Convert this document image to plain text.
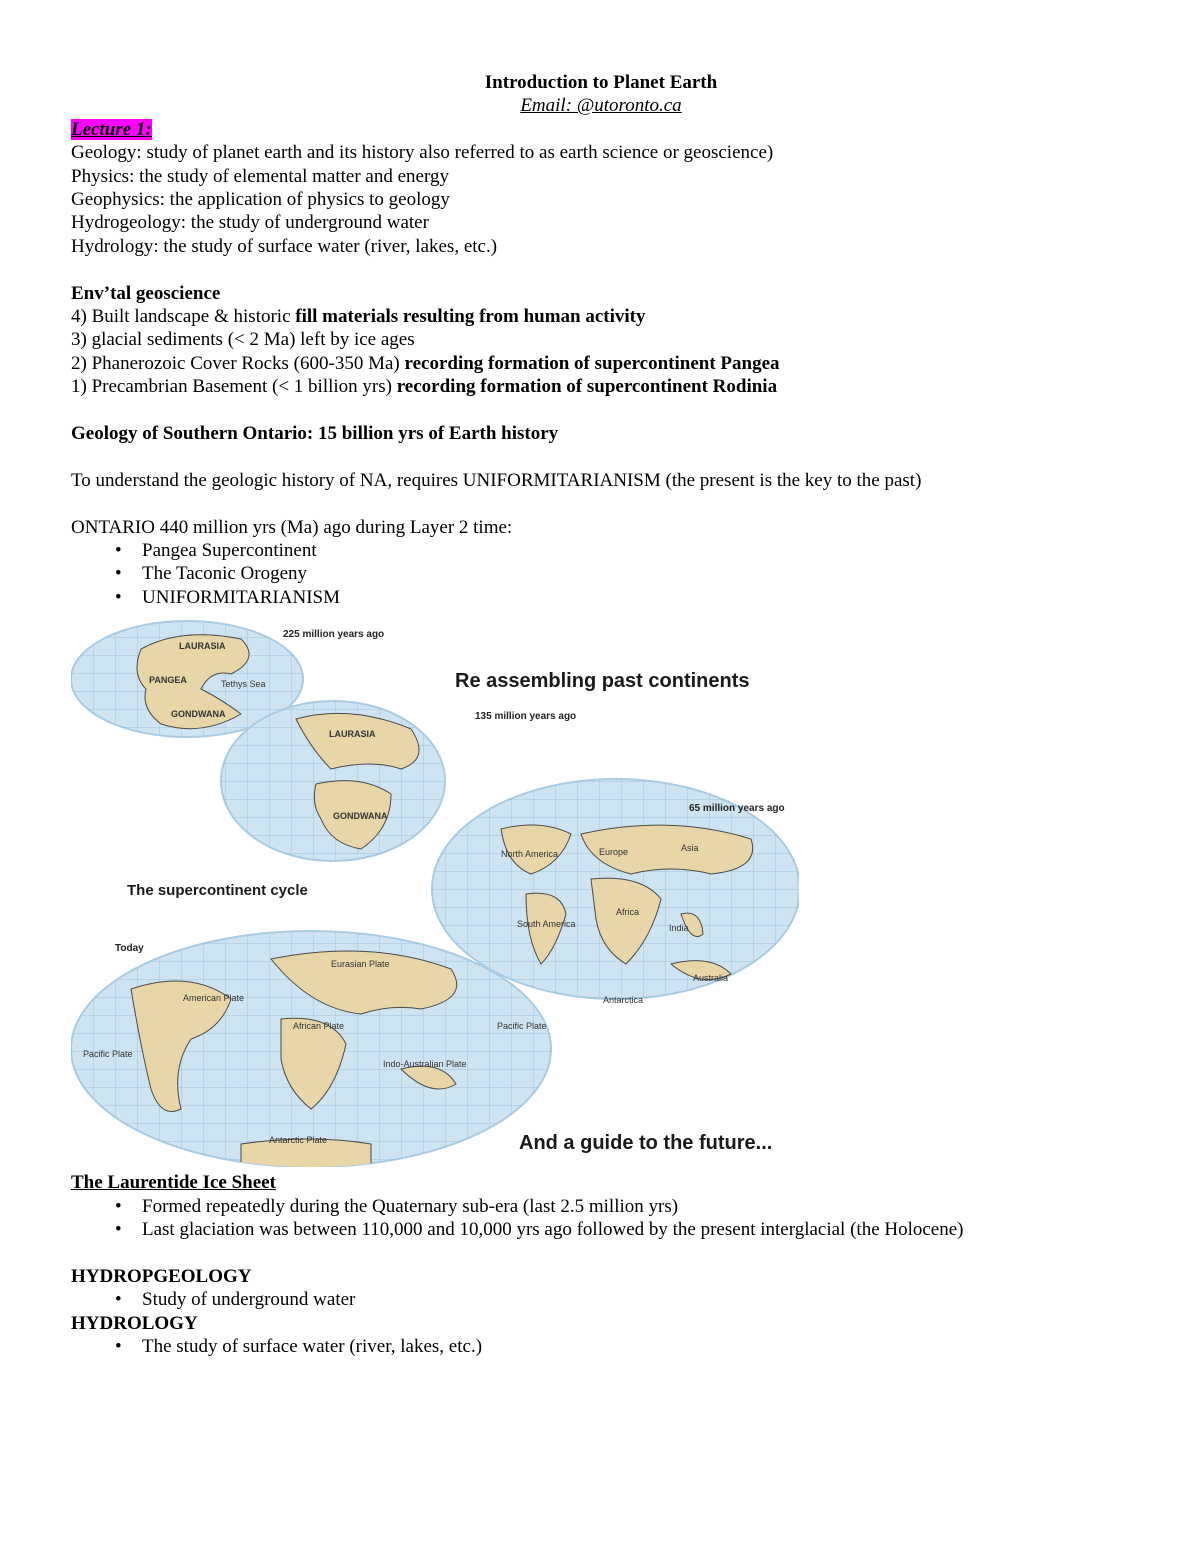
Introduction to Planet Earth
Email: @utoronto.ca
Lecture 1:
Geology: study of planet earth and its history also referred to as earth science or geoscience)
Physics: the study of elemental matter and energy
Geophysics: the application of physics to geology
Hydrogeology: the study of underground water
Hydrology: the study of surface water (river, lakes, etc.)
Env’tal geoscience
4) Built landscape & historic fill materials resulting from human activity
3) glacial sediments (< 2 Ma) left by ice ages
2) Phanerozoic Cover Rocks (600-350 Ma) recording formation of supercontinent Pangea
1) Precambrian Basement (< 1 billion yrs) recording formation of supercontinent Rodinia
Geology of Southern Ontario: 15 billion yrs of Earth history
To understand the geologic history of NA, requires UNIFORMITARIANISM (the present is the key to the past)
ONTARIO 440 million yrs (Ma) ago during Layer 2 time:
• Pangea Supercontinent
• The Taconic Orogeny
• UNIFORMITARIANISM
LAURASIA
PANGEA
GONDWANA
Tethys Sea
LAURASIA
GONDWANA
North America	Europe	Asia
Africa
South America	India
Australia
Antarctica
Eurasian Plate
American Plate
African Plate
Pacific Plate
Pacific Plate
Indo-Australian Plate
Antarctic Plate
Re assembling past continents
The supercontinent cycle
And a guide to the future...
225 million years ago
135 million years ago
65 million years ago
Today
The Laurentide Ice Sheet
• Formed repeatedly during the Quaternary sub-era (last 2.5 million yrs)
• Last glaciation was between 110,000 and 10,000 yrs ago followed by the present interglacial (the Holocene)
HYDROPGEOLOGY
• Study of underground water
HYDROLOGY
• The study of surface water (river, lakes, etc.)
